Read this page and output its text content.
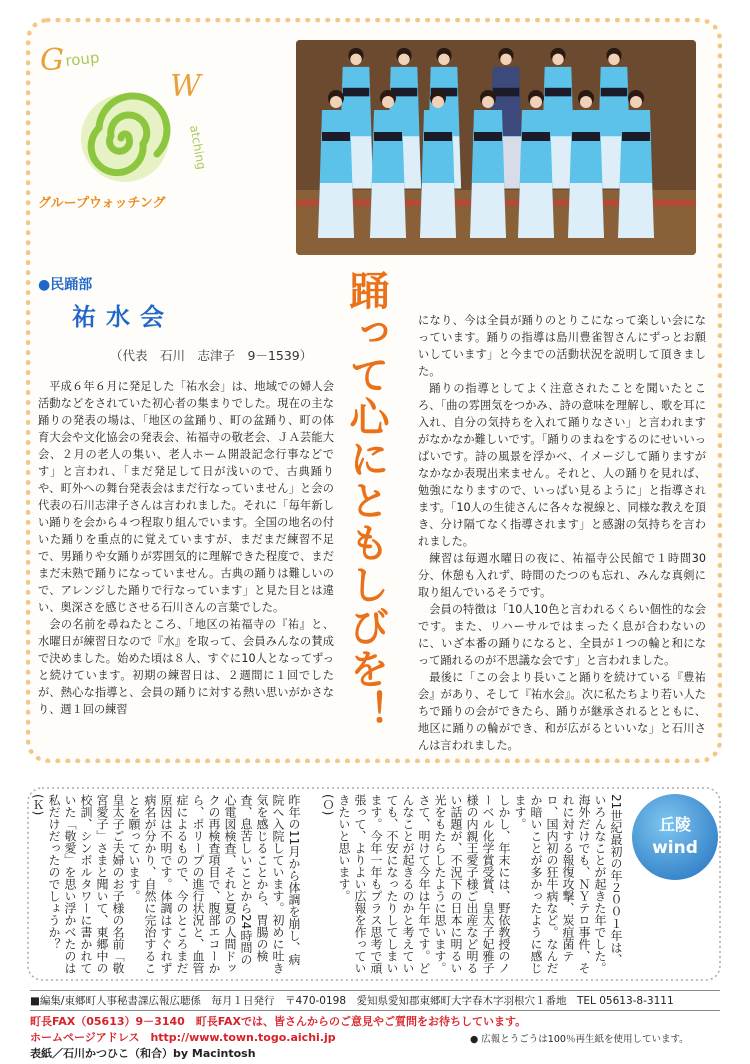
G roup
W
atching
グループウォッチング
●民踊部
祐水会
（代表　石川　志津子　9－1539） 踊って心にともしびを！

平成６年６月に発足した「祐水会」は、地域での婦人会活動などをされていた初心者の集まりでした。現在の主な踊りの発表の場は、「地区の盆踊り、町の盆踊り、町の体育大会や文化協会の発表会、祐福寺の敬老会、ＪＡ芸能大会、２月の老人の集い、老人ホーム開設記念行事などです」と言われ、「まだ発足して日が浅いので、古典踊りや、町外への舞台発表会はまだ行なっていません」と会の代表の石川志津子さんは言われました。それに「毎年新しい踊りを会から４つ程取り組んでいます。全国の地名の付いた踊りを重点的に覚えていますが、まだまだ練習不足で、男踊りや女踊りが雰囲気的に理解できた程度で、まだまだ未熟で踊りになっていません。古典の踊りは難しいので、アレンジした踊りで行なっています」と見た目とは違い、奥深さを感じさせる石川さんの言葉でした。

会の名前を尋ねたところ、「地区の祐福寺の『祐』と、水曜日が練習日なので『水』を取って、会員みんなの賛成で決めました。始めた頃は８人、すぐに10人となってずっと続けています。初期の練習日は、２週間に１回でしたが、熱心な指導と、会員の踊りに対する熱い思いがかさなり、週１回の練習

になり、今は全員が踊りのとりこになって楽しい会になっています。踊りの指導は島川豊雀智さんにずっとお願いしています」と今までの活動状況を説明して頂きました。

踊りの指導としてよく注意されたことを聞いたところ、「曲の雰囲気をつかみ、詩の意味を理解し、歌を耳に入れ、自分の気持ちを入れて踊りなさい」と言われますがなかなか難しいです。「踊りのまねをするのにせいいっぱいです。詩の風景を浮かべ、イメージして踊りますがなかなか表現出来ません。それと、人の踊りを見れば、勉強になりますので、いっぱい見るように」と指導されます。「10人の生徒さんに各々な視線と、同様な教えを頂き、分け隔てなく指導されます」と感謝の気持ちを言われました。

練習は毎週水曜日の夜に、祐福寺公民館で１時間30分、休憩も入れず、時間のたつのも忘れ、みんな真剣に取り組んでいるそうです。

会員の特徴は「10人10色と言われるくらい個性的な会です。また、リハーサルではまったく息が合わないのに、いざ本番の踊りになると、全員が１つの輪と和になって踊れるのが不思議な会です」と言われました。

最後に「この会より長いこと踊りを続けている『豊祐会』があり、そして『祐水会』。次に私たちより若い人たちで踊りの会ができたら、踊りが継承されるとともに、地区に踊りの輪ができ、和が広がるといいな」と石川さんは言われました。

21世紀最初の年２００１年は、いろんなことが起きた年でした。海外だけでも、ＮＹテロ事件、それに対する報復攻撃、炭疽菌テロ、国内初の狂牛病など。なんだか暗いことが多かったように感じます。
しかし、年末には、野依教授のノーベル化学賞受賞、皇太子妃雅子様の内親王愛子様ご出産など明るい話題が、不況下の日本に明るい光をもたらしたように思います。
さて、明けて今年は午年です。どんなことが起きるのかと考えていても、不安になったりしてしまいます。今年一年もプラス思考で頑張って、よりよい広報を作っていきたいと思います。
(Ｏ)
昨年の11月から体調を崩し、病院へ入院しています。初めに吐き気を感じることから、胃腸の検査、息苦しいことから24時間の心電図検査、それと夏の人間ドックの再検査項目で、腹部エコーから、ポリープの進行状況と、血管症によるもので、今のところまだ原因は不明です。体調はすぐれず病名が分かり、自然に完治することを願っています。
皇太子ご夫婦のお子様の名前「敬宮愛子」さまと聞いて、東郷中の校訓、シンボルタワーに書かれていた「敬愛」を思い浮かべたのは私だけだったのでしょうか？
(Ｋ)
丘陵
wind
■編集/東郷町人事秘書課広報広聴係　毎月１日発行　〒470-0198　愛知県愛知郡東郷町大字春木字羽根穴１番地　TEL 05613-8-3111
町長FAX（05613）9－3140　町長FAXでは、皆さんからのご意見やご質問をお待ちしています。
ホームページアドレス　http://www.town.togo.aichi.jp	● 広報とうごうは100％再生紙を使用しています。
表紙／石川かつひこ（和合）by Macintosh
